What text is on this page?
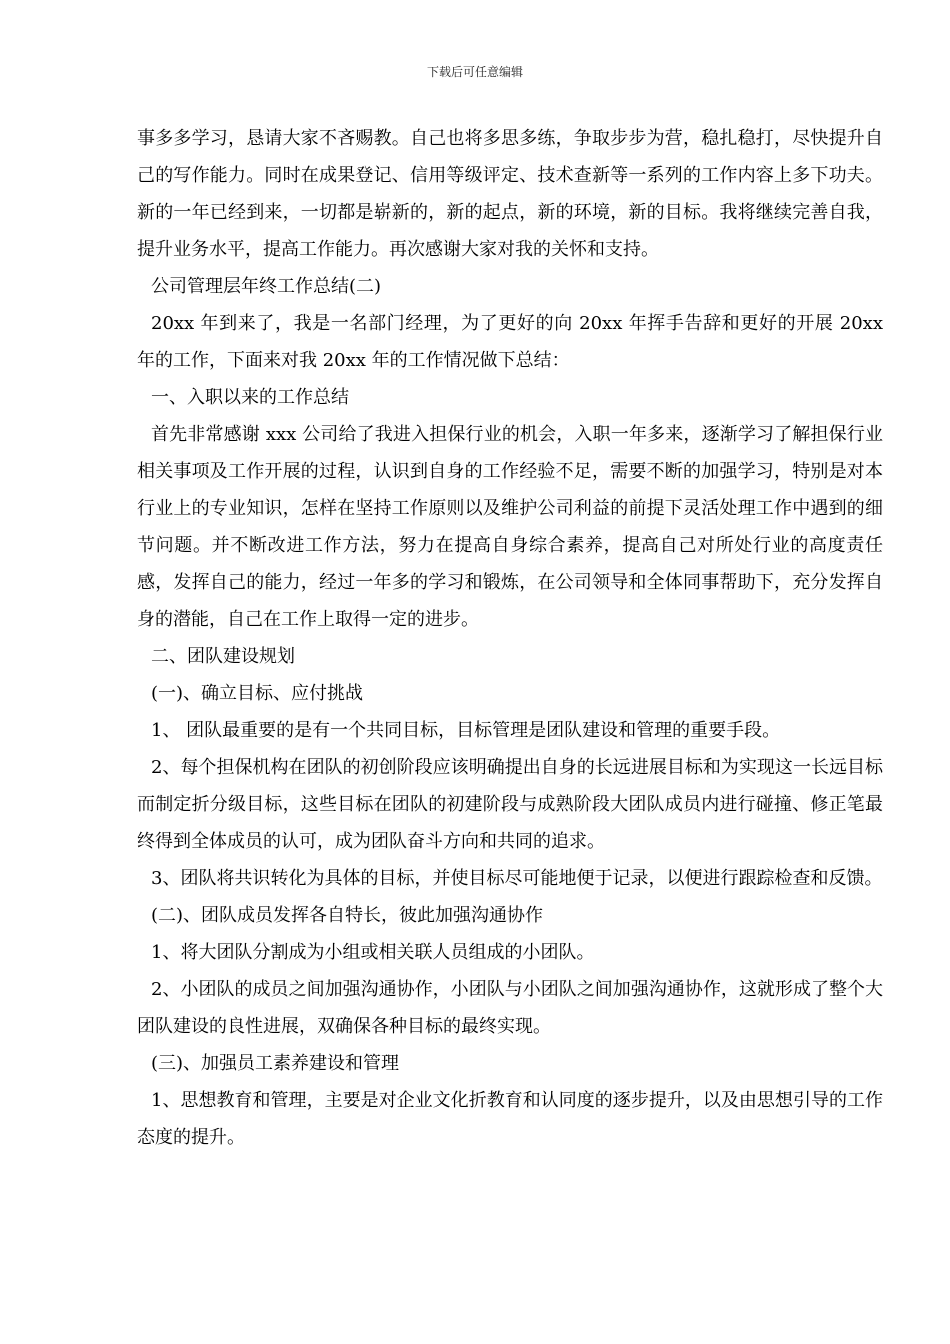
下载后可任意编辑

事多多学习，恳请大家不吝赐教。自己也将多思多练，争取步步为营，稳扎稳打，尽快提升自己的写作能力。同时在成果登记、信用等级评定、技术查新等一系列的工作内容上多下功夫。新的一年已经到来，一切都是崭新的，新的起点，新的环境，新的目标。我将继续完善自我，提升业务水平，提高工作能力。再次感谢大家对我的关怀和支持。

公司管理层年终工作总结(二)

20xx 年到来了，我是一名部门经理，为了更好的向 20xx 年挥手告辞和更好的开展 20xx 年的工作，下面来对我 20xx 年的工作情况做下总结：

一、入职以来的工作总结

首先非常感谢 xxx 公司给了我进入担保行业的机会，入职一年多来，逐渐学习了解担保行业相关事项及工作开展的过程，认识到自身的工作经验不足，需要不断的加强学习，特别是对本行业上的专业知识，怎样在坚持工作原则以及维护公司利益的前提下灵活处理工作中遇到的细节问题。并不断改进工作方法，努力在提高自身综合素养，提高自己对所处行业的高度责任感，发挥自己的能力，经过一年多的学习和锻炼，在公司领导和全体同事帮助下，充分发挥自身的潜能，自己在工作上取得一定的进步。

二、团队建设规划

(一)、确立目标、应付挑战

1、 团队最重要的是有一个共同目标，目标管理是团队建设和管理的重要手段。

2、每个担保机构在团队的初创阶段应该明确提出自身的长远进展目标和为实现这一长远目标而制定折分级目标，这些目标在团队的初建阶段与成熟阶段大团队成员内进行碰撞、修正笔最终得到全体成员的认可，成为团队奋斗方向和共同的追求。

3、团队将共识转化为具体的目标，并使目标尽可能地便于记录，以便进行跟踪检查和反馈。

(二)、团队成员发挥各自特长，彼此加强沟通协作

1、将大团队分割成为小组或相关联人员组成的小团队。

2、小团队的成员之间加强沟通协作，小团队与小团队之间加强沟通协作，这就形成了整个大团队建设的良性进展，双确保各种目标的最终实现。

(三)、加强员工素养建设和管理

1、思想教育和管理，主要是对企业文化折教育和认同度的逐步提升，以及由思想引导的工作态度的提升。
